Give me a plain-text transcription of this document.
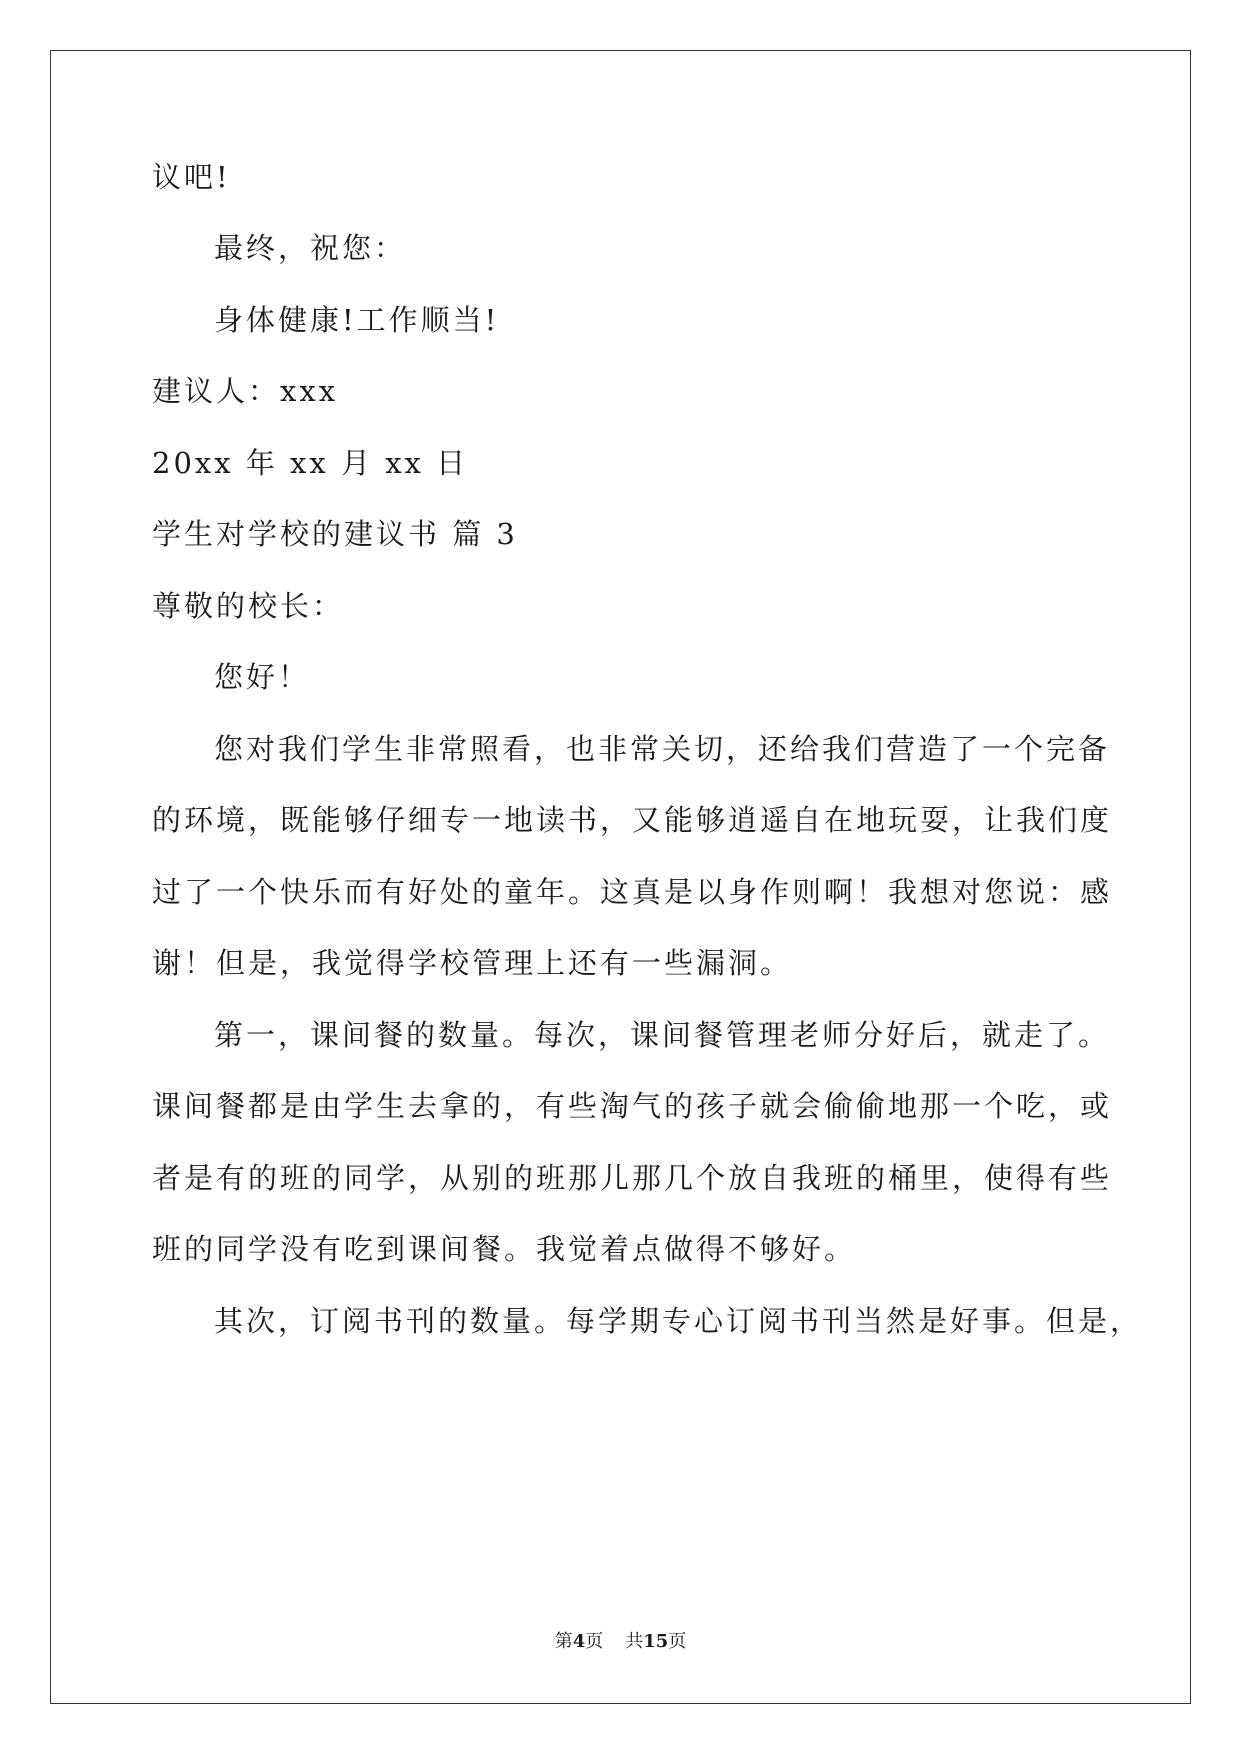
议吧!
最终，祝您：
身体健康!工作顺当!
建议人：xxx
20xx 年 xx 月 xx 日
学生对学校的建议书 篇 3
尊敬的校长：
您好！
您对我们学生非常照看，也非常关切，还给我们营造了一个完备
的环境，既能够仔细专一地读书，又能够逍遥自在地玩耍，让我们度
过了一个快乐而有好处的童年。这真是以身作则啊！我想对您说：感
谢！但是，我觉得学校管理上还有一些漏洞。
第一，课间餐的数量。每次，课间餐管理老师分好后，就走了。
课间餐都是由学生去拿的，有些淘气的孩子就会偷偷地那一个吃，或
者是有的班的同学，从别的班那儿那几个放自我班的桶里，使得有些
班的同学没有吃到课间餐。我觉着点做得不够好。
其次，订阅书刊的数量。每学期专心订阅书刊当然是好事。但是，
第4页 共15页
